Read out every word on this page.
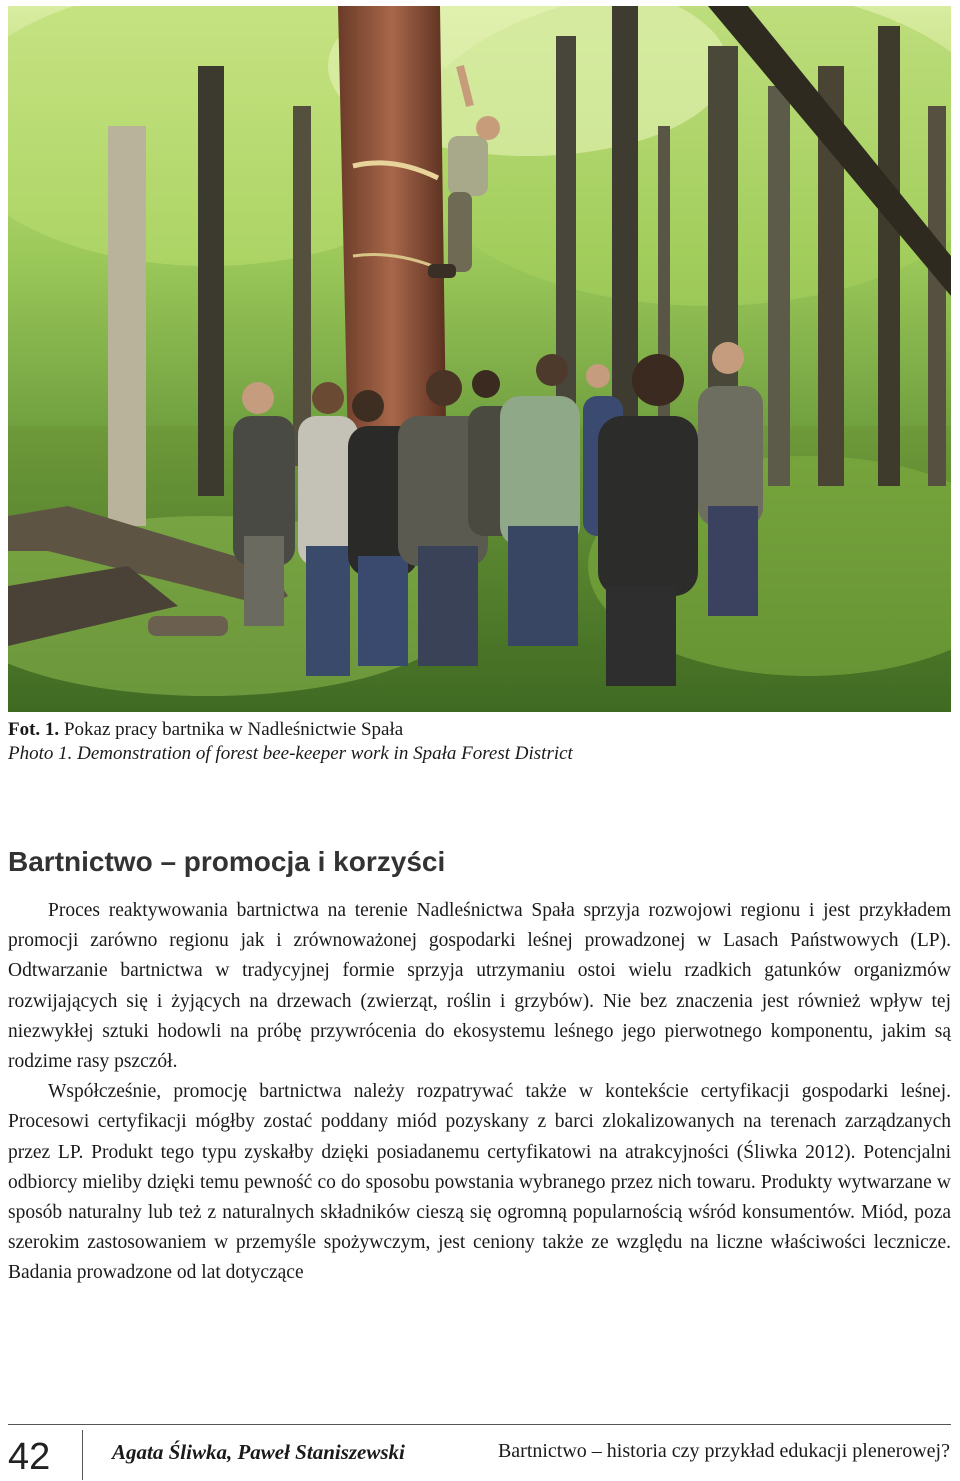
Fot. 1. Pokaz pracy bartnika w Nadleśnictwie Spała
Photo 1. Demonstration of forest bee-keeper work in Spała Forest District
Bartnictwo – promocja i korzyści

Proces reaktywowania bartnictwa na terenie Nadleśnictwa Spała sprzyja rozwojowi regionu i jest przykładem promocji zarówno regionu jak i zrównoważonej gospodarki leśnej prowadzonej w Lasach Państwowych (LP). Odtwarzanie bartnictwa w tradycyjnej formie sprzyja utrzymaniu ostoi wielu rzadkich gatunków organizmów rozwijających się i żyjących na drzewach (zwierząt, roślin i grzybów). Nie bez znaczenia jest również wpływ tej niezwykłej sztuki hodowli na próbę przywrócenia do ekosystemu leśnego jego pierwotnego komponentu, jakim są rodzime rasy pszczół.

Współcześnie, promocję bartnictwa należy rozpatrywać także w kontekście certyfikacji gospodarki leśnej. Procesowi certyfikacji mógłby zostać poddany miód pozyskany z barci zlokalizowanych na terenach zarządzanych przez LP. Produkt tego typu zyskałby dzięki posiadanemu certyfikatowi na atrakcyjności (Śliwka 2012). Potencjalni odbiorcy mieliby dzięki temu pewność co do sposobu powstania wybranego przez nich towaru. Produkty wytwarzane w sposób naturalny lub też z naturalnych składników cieszą się ogromną popularnością wśród konsumentów. Miód, poza szerokim zastosowaniem w przemyśle spożywczym, jest ceniony także ze względu na liczne właściwości lecznicze. Badania prowadzone od lat dotyczące

42	Agata Śliwka, Paweł Staniszewski	Bartnictwo – historia czy przykład edukacji plenerowej?
